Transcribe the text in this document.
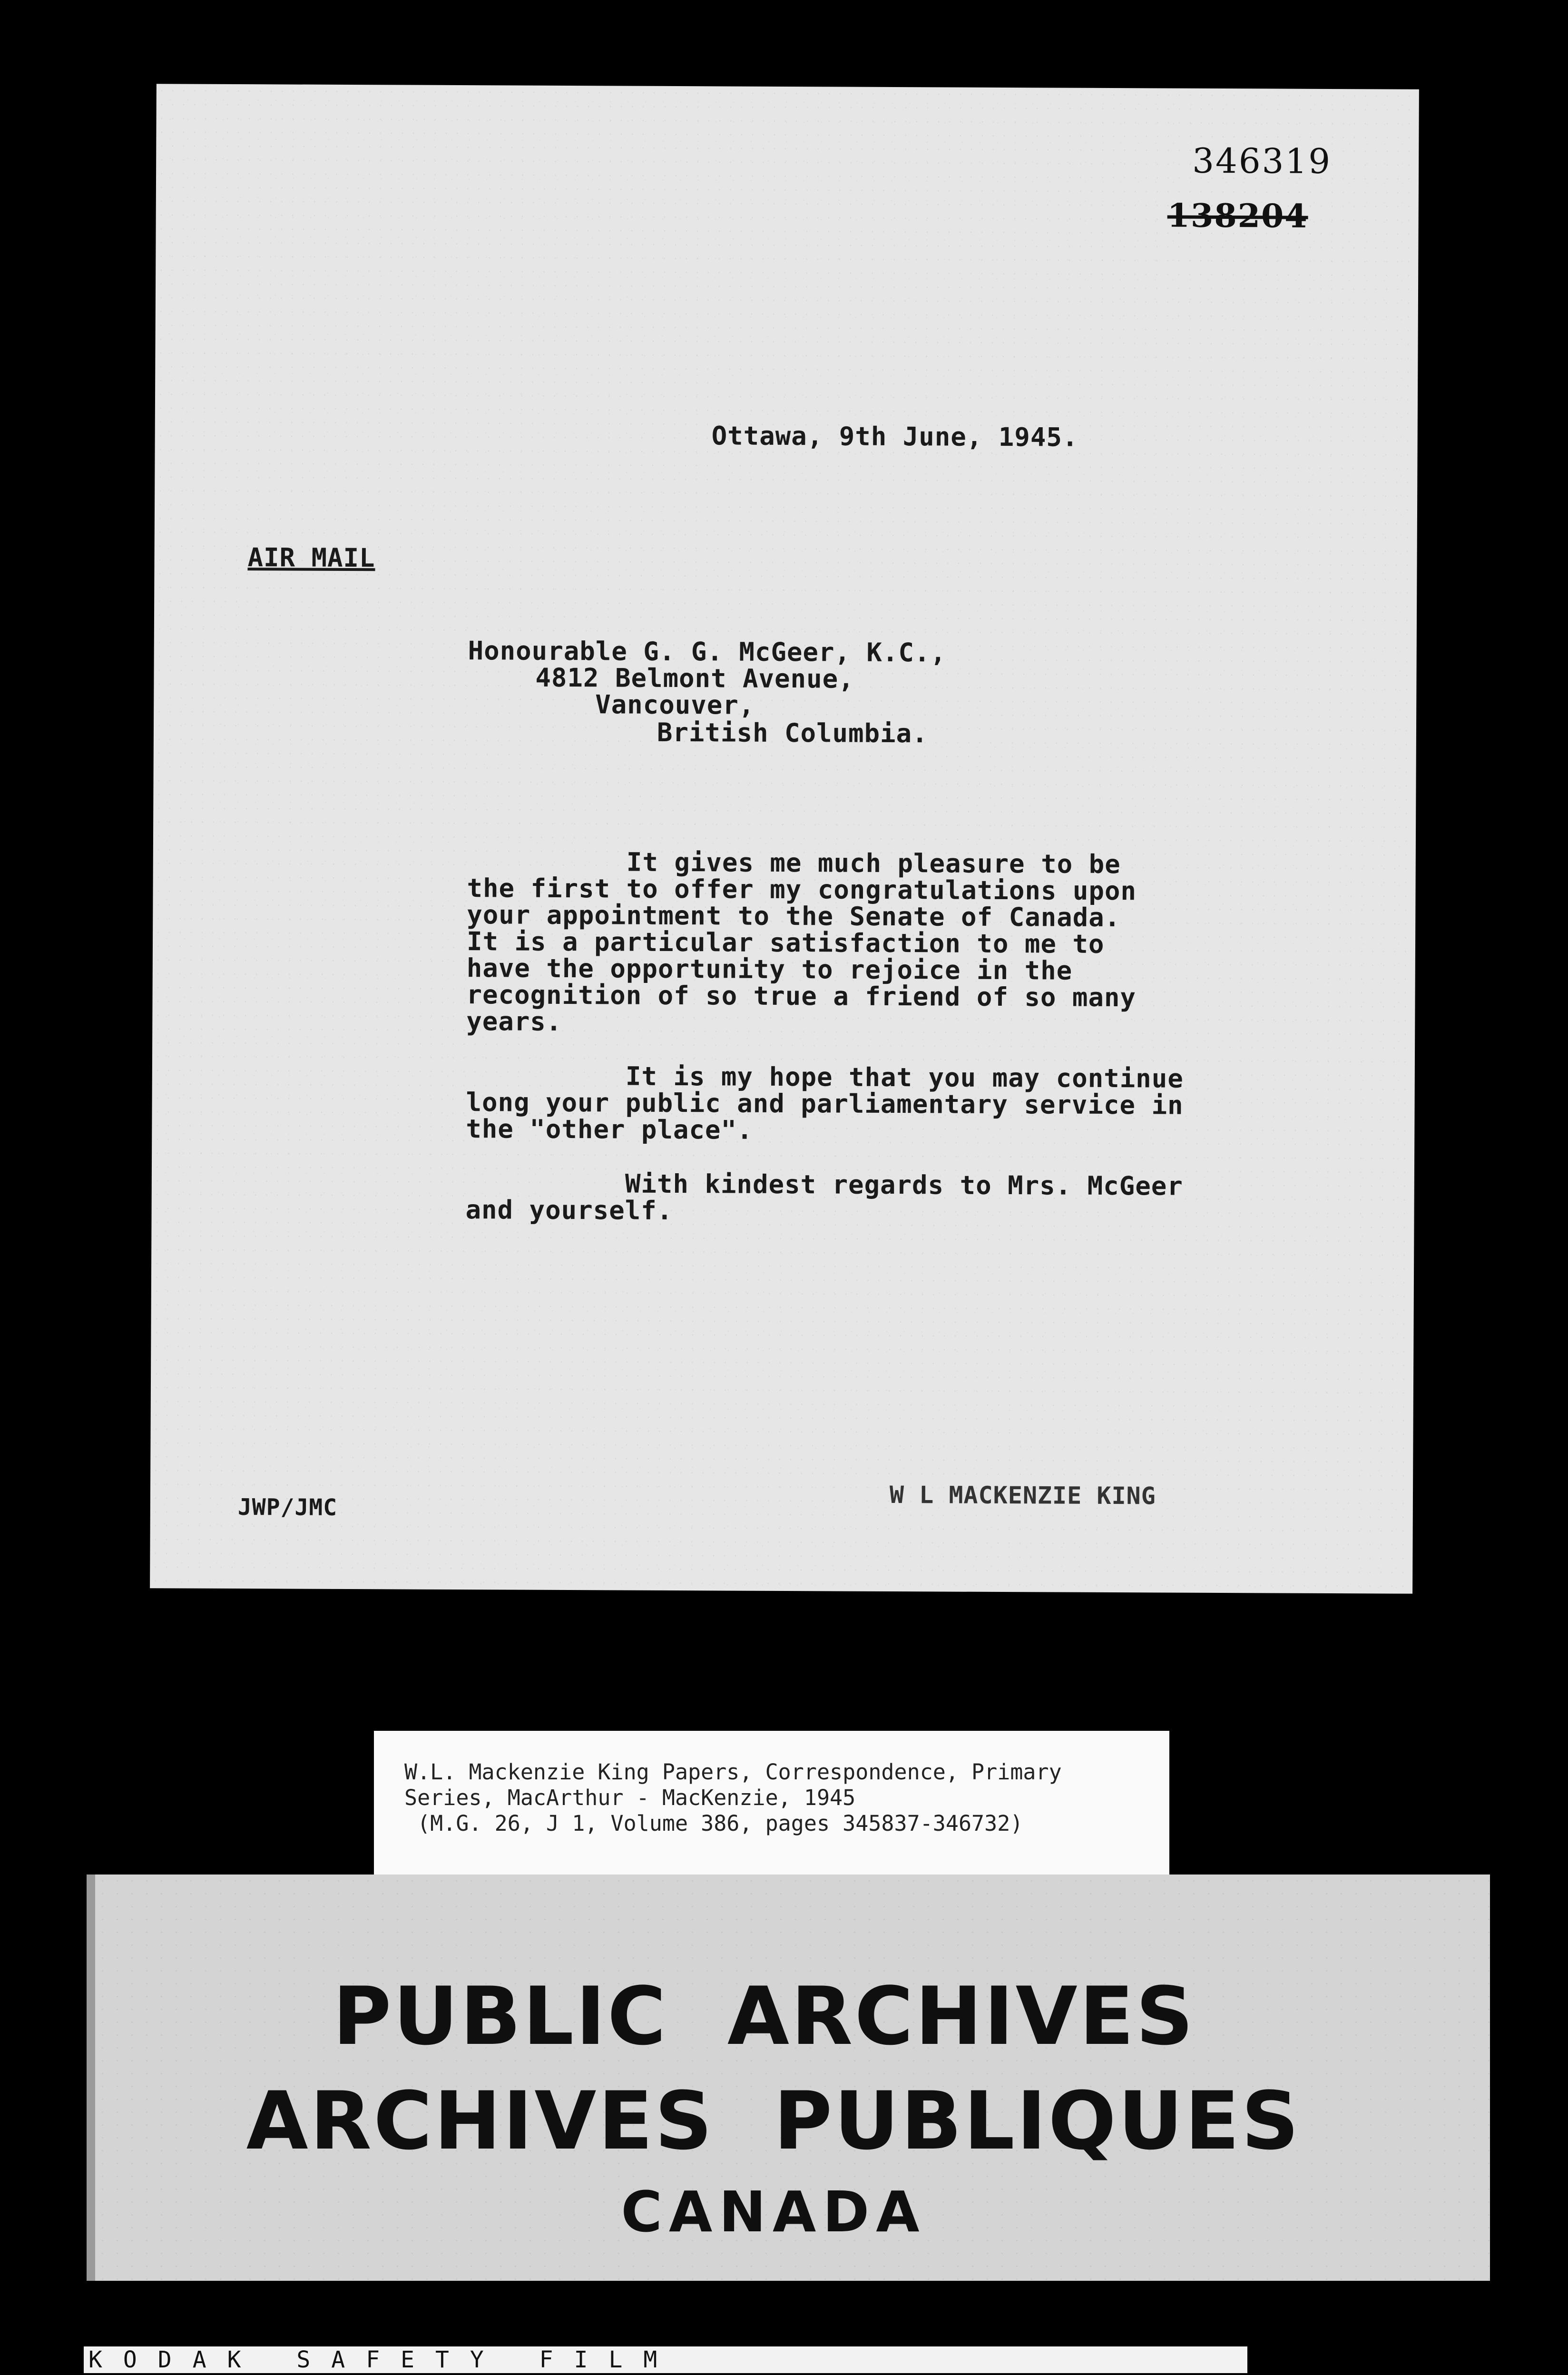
346319
138204
Ottawa, 9th June, 1945.
AIR MAIL
Honourable G. G. McGeer, K.C.,
4812 Belmont Avenue,
Vancouver,
British Columbia.
It gives me much pleasure to be
the first to offer my congratulations upon
your appointment to the Senate of Canada.
It is a particular satisfaction to me to
have the opportunity to rejoice in the
recognition of so true a friend of so many
years.
It is my hope that you may continue
long your public and parliamentary service in
the "other place".
With kindest regards to Mrs. McGeer
and yourself.
JWP/JMC	W L MACKENZIE KING
W.L. Mackenzie King Papers, Correspondence, Primary
Series, MacArthur - MacKenzie, 1945
(M.G. 26, J 1, Volume 386, pages 345837-346732)
PUBLIC  ARCHIVES
ARCHIVES  PUBLIQUES
CANADA
KODAK SAFETY FILM
